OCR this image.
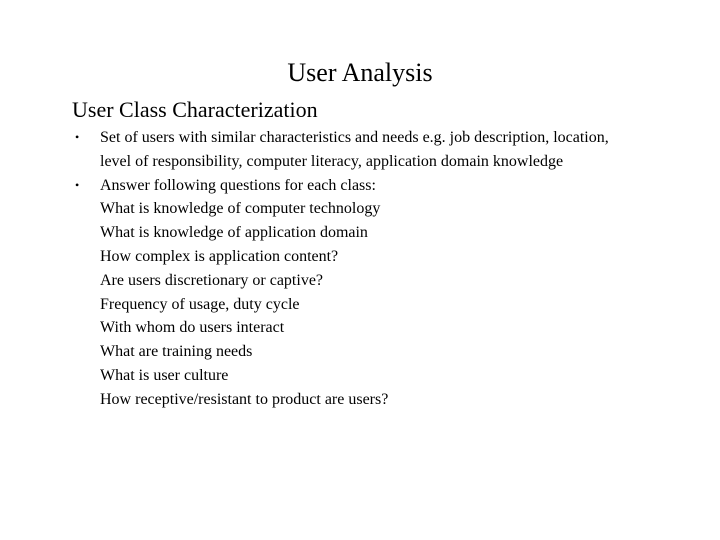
User Analysis
User Class Characterization
•	Set of users with similar characteristics and needs e.g. job description, location,
level of responsibility, computer literacy, application domain knowledge
•	Answer following questions for each class:
What is knowledge of computer technology
What is knowledge of application domain
How complex is application content?
Are users discretionary or captive?
Frequency of usage, duty cycle
With whom do users interact
What are training needs
What is user culture
How receptive/resistant to product are users?
